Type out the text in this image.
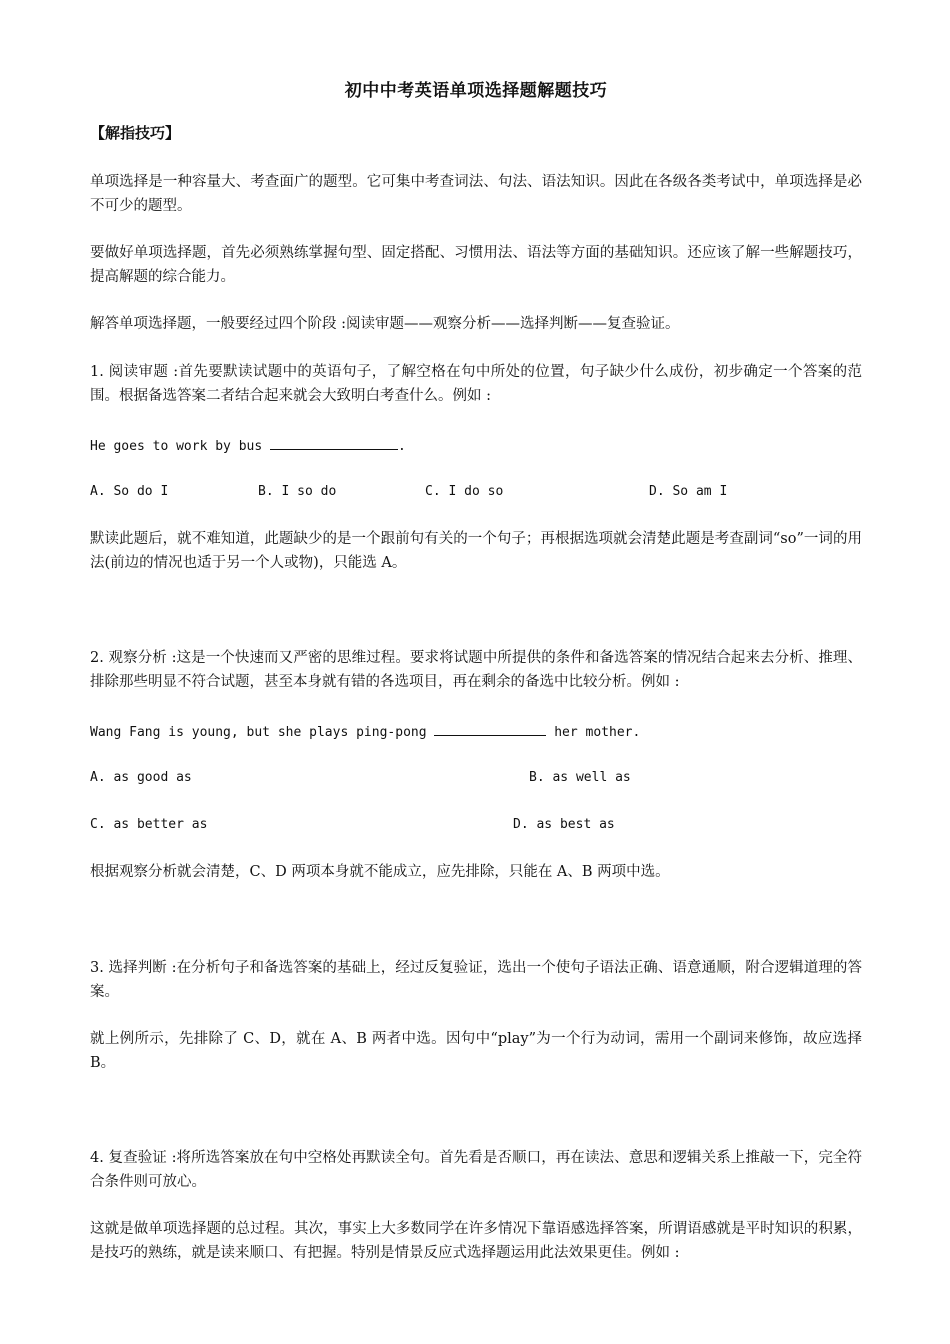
初中中考英语单项选择题解题技巧
【解指技巧】
单项选择是一种容量大、考查面广的题型。它可集中考查词法、句法、语法知识。因此在各级各类考试中，单项选择是必不可少的题型。
要做好单项选择题，首先必须熟练掌握句型、固定搭配、习惯用法、语法等方面的基础知识。还应该了解一些解题技巧，提高解题的综合能力。
解答单项选择题，一般要经过四个阶段 :阅读审题——观察分析——选择判断——复查验证。
1. 阅读审题 :首先要默读试题中的英语句子，了解空格在句中所处的位置，句子缺少什么成份，初步确定一个答案的范围。根据备选答案二者结合起来就会大致明白考查什么。例如 :
He goes to work by bus	.
A. So do I	B. I so do	C. I do so	D. So am I
默读此题后，就不难知道，此题缺少的是一个跟前句有关的一个句子；再根据选项就会清楚此题是考查副词“so”一词的用法(前边的情况也适于另一个人或物)，只能选 A。
2. 观察分析 :这是一个快速而又严密的思维过程。要求将试题中所提供的条件和备选答案的情况结合起来去分析、推理、排除那些明显不符合试题，甚至本身就有错的各选项目，再在剩余的备选中比较分析。例如 :
Wang Fang is young, but she plays ping-pong	her mother.
A. as good as	B. as well as
C. as better as	D. as best as
根据观察分析就会清楚，C、D 两项本身就不能成立，应先排除，只能在 A、B 两项中选。
3. 选择判断 :在分析句子和备选答案的基础上，经过反复验证，选出一个使句子语法正确、语意通顺，附合逻辑道理的答案。
就上例所示，先排除了 C、D，就在 A、B 两者中选。因句中“play”为一个行为动词，需用一个副词来修饰，故应选择 B。
4. 复查验证 :将所选答案放在句中空格处再默读全句。首先看是否顺口，再在读法、意思和逻辑关系上推敲一下，完全符合条件则可放心。
这就是做单项选择题的总过程。其次，事实上大多数同学在许多情况下靠语感选择答案，所谓语感就是平时知识的积累，是技巧的熟练，就是读来顺口、有把握。特别是情景反应式选择题运用此法效果更佳。例如 :
